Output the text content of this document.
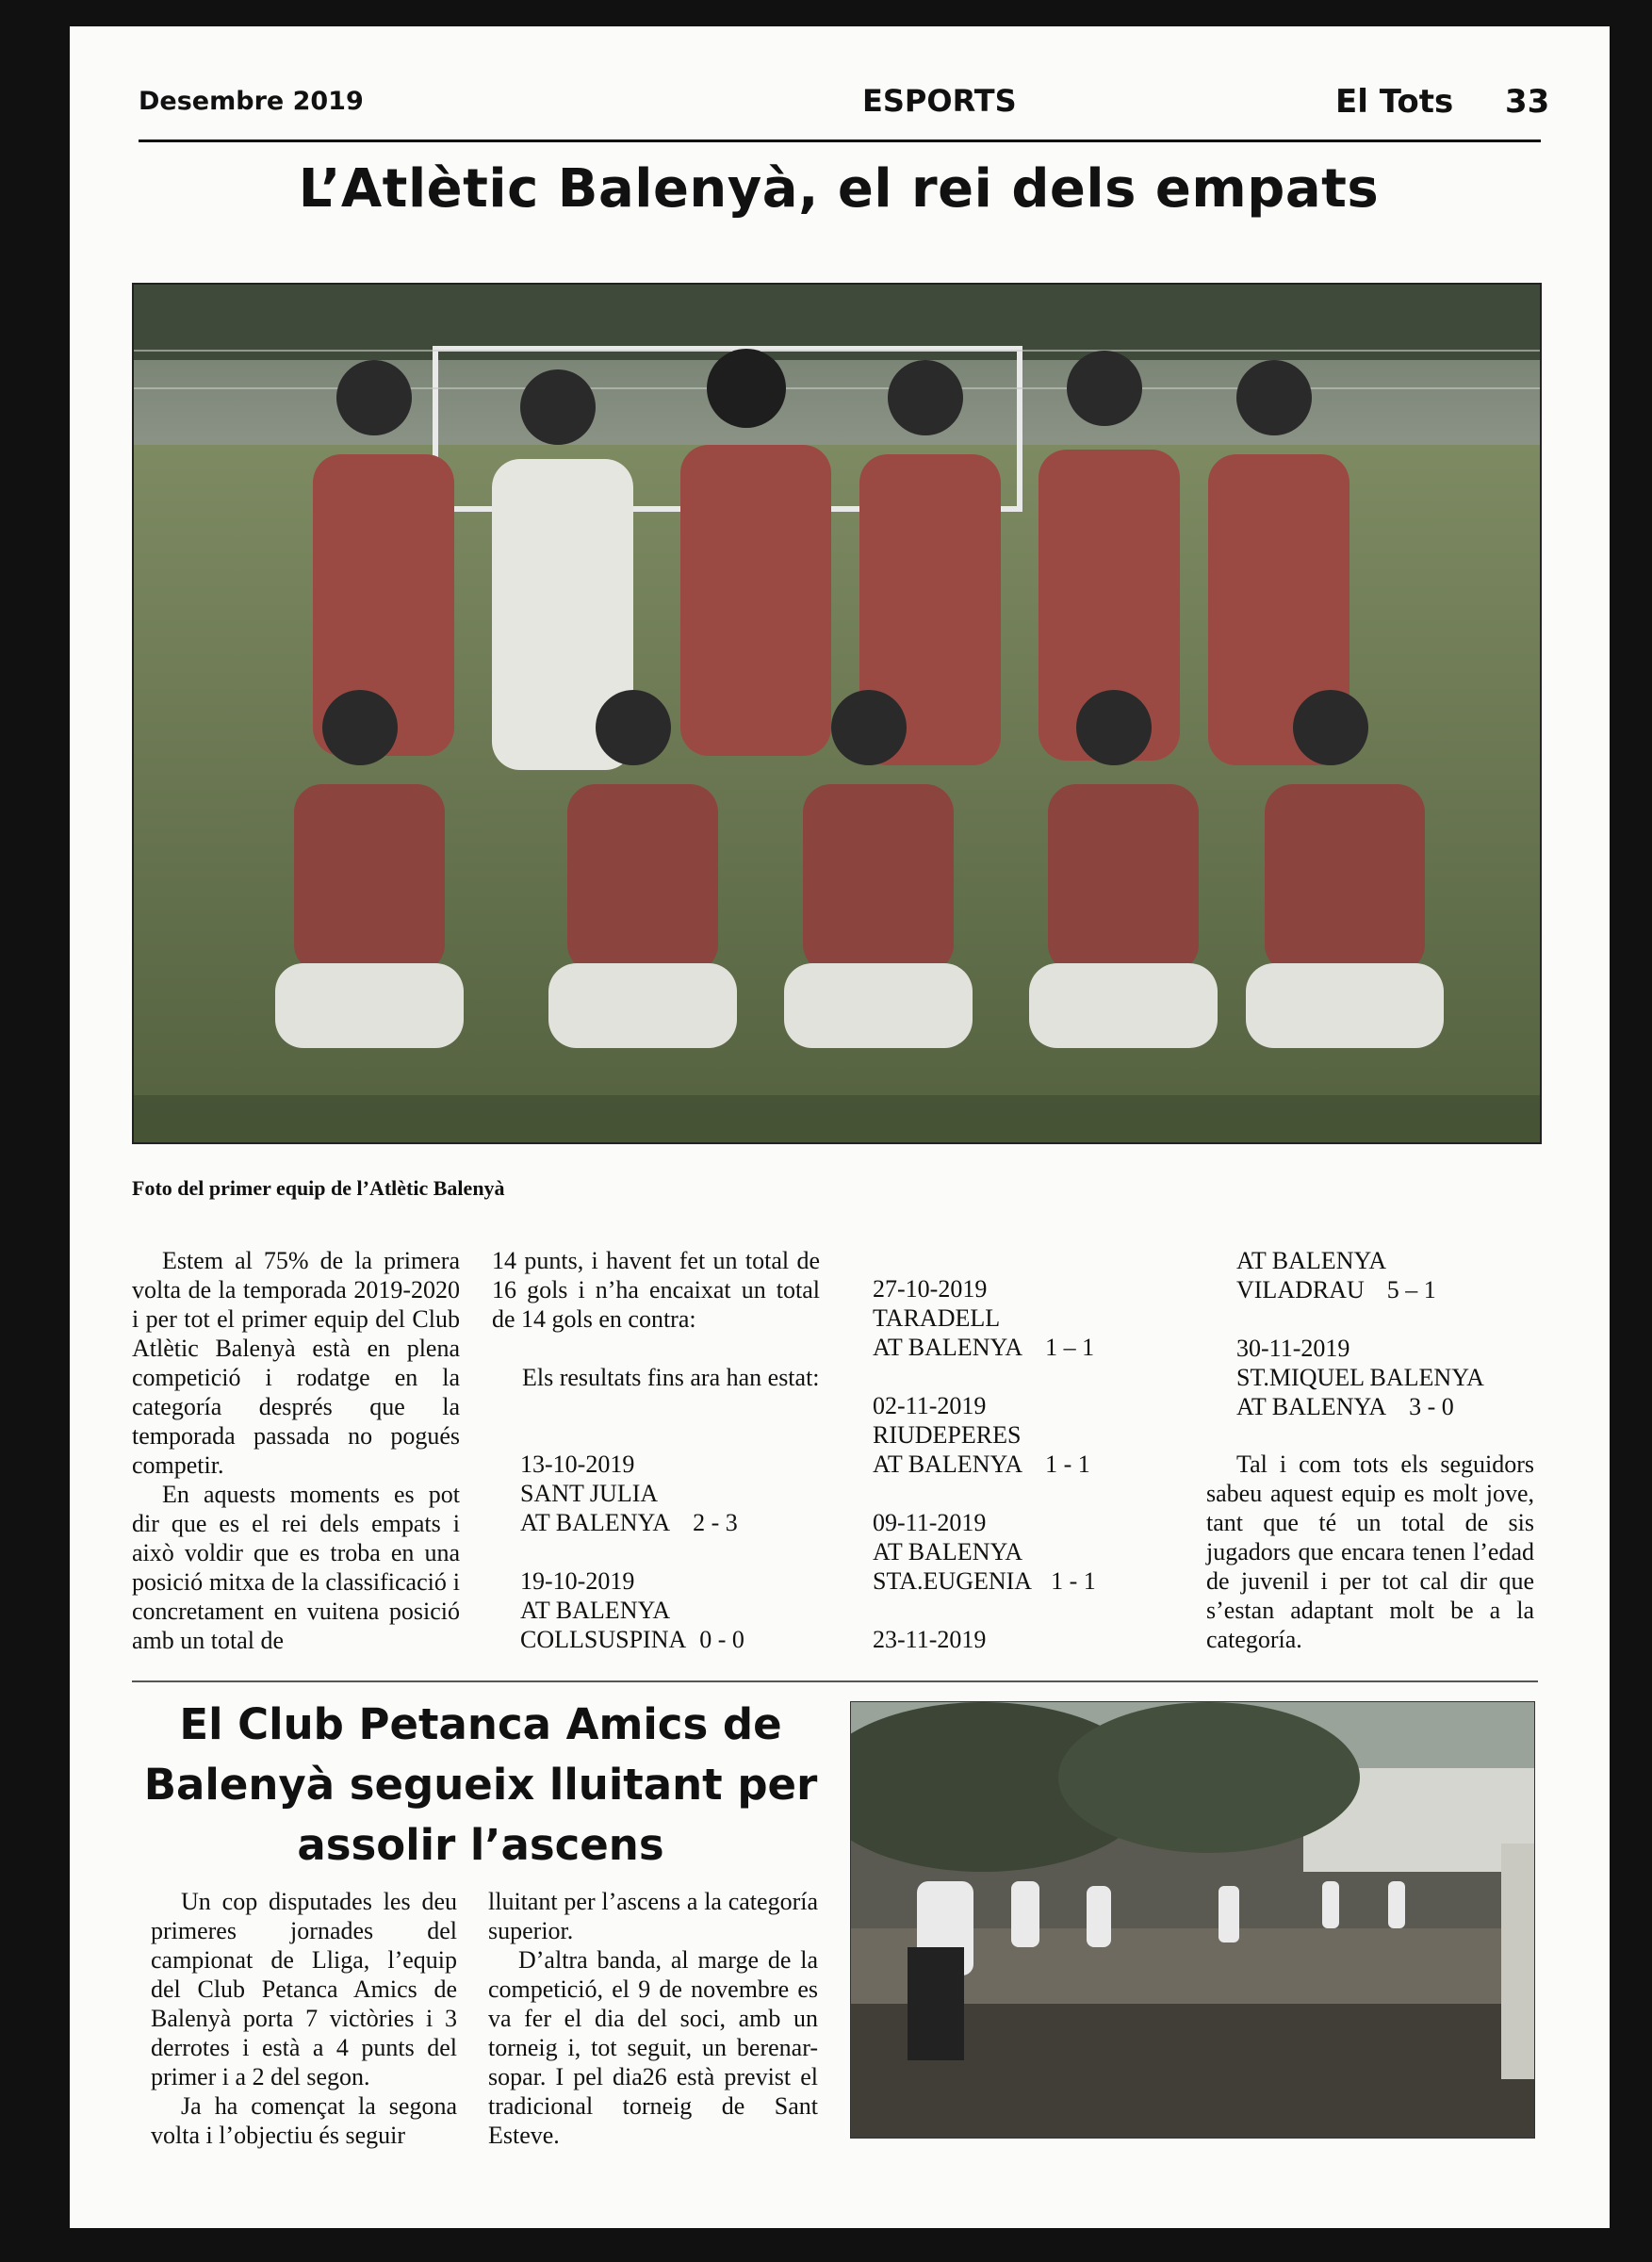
Desembre 2019	ESPORTS	El Tots 33
L’Atlètic Balenyà, el rei dels empats
Foto del primer equip de l’Atlètic Balenyà

Estem al 75% de la primera volta de la temporada 2019-2020 i per tot el primer equip del Club Atlètic Balenyà està en plena competició i rodatge en la categoría després que la temporada passada no pogués competir.

En aquests moments es pot dir que es el rei dels empats i això voldir que es troba en una posició mitxa de la classificació i concretament en vuitena posició amb un total de

14 punts, i havent fet un total de 16 gols i n’ha encaixat un total de 14 gols en contra:

Els resultats fins ara han estat:

13-10-2019
SANT JULIA
AT BALENYA 2 - 3
19-10-2019
AT BALENYA
COLLSUSPINA 0 - 0
27-10-2019
TARADELL
AT BALENYA 1 – 1
02-11-2019
RIUDEPERES
AT BALENYA 1 - 1
09-11-2019
AT BALENYA
STA.EUGENIA 1 - 1
23-11-2019
AT BALENYA
VILADRAU 5 – 1
30-11-2019
ST.MIQUEL BALENYA
AT BALENYA 3 - 0

Tal i com tots els seguidors sabeu aquest equip es molt jove, tant que té un total de sis jugadors que encara tenen l’edad de juvenil i per tot cal dir que s’estan adaptant molt be a la categoría.

El Club Petanca Amics de Balenyà segueix lluitant per assolir l’ascens

Un cop disputades les deu primeres jornades del campionat de Lliga, l’equip del Club Petanca Amics de Balenyà porta 7 victòries i 3 derrotes i està a 4 punts del primer i a 2 del segon.

Ja ha començat la segona volta i l’objectiu és seguir

lluitant per l’ascens a la categoría superior.

D’altra banda, al marge de la competició, el 9 de novembre es va fer el dia del soci, amb un torneig i, tot seguit, un berenar-sopar. I pel dia26 està previst el tradicional torneig de Sant Esteve.
